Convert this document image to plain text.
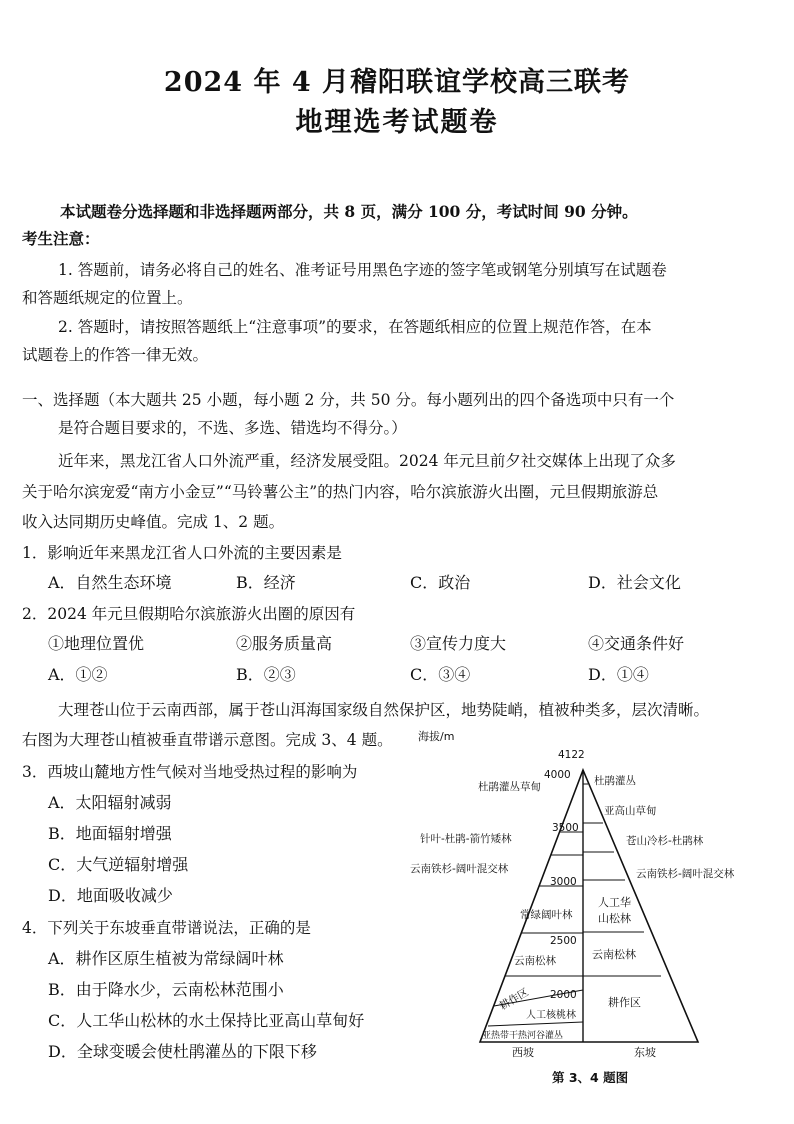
2024 年 4 月稽阳联谊学校高三联考
地理选考试题卷
本试题卷分选择题和非选择题两部分，共 8 页，满分 100 分，考试时间 90 分钟。
考生注意：
1. 答题前，请务必将自己的姓名、准考证号用黑色字迹的签字笔或钢笔分别填写在试题卷
和答题纸规定的位置上。
2. 答题时，请按照答题纸上“注意事项”的要求，在答题纸相应的位置上规范作答，在本
试题卷上的作答一律无效。
一、选择题（本大题共 25 小题，每小题 2 分，共 50 分。每小题列出的四个备选项中只有一个
是符合题目要求的，不选、多选、错选均不得分。）
近年来，黑龙江省人口外流严重，经济发展受阻。2024 年元旦前夕社交媒体上出现了众多
关于哈尔滨宠爱“南方小金豆”“马铃薯公主”的热门内容，哈尔滨旅游火出圈，元旦假期旅游总
收入达同期历史峰值。完成 1、2 题。
1．影响近年来黑龙江省人口外流的主要因素是
A．自然生态环境	B．经济	C．政治	D．社会文化
2．2024 年元旦假期哈尔滨旅游火出圈的原因有
①地理位置优	②服务质量高	③宣传力度大	④交通条件好
A．①②	B．②③	C．③④	D．①④
大理苍山位于云南西部，属于苍山洱海国家级自然保护区，地势陡峭，植被种类多，层次清晰。
右图为大理苍山植被垂直带谱示意图。完成 3、4 题。
3．西坡山麓地方性气候对当地受热过程的影响为
A．太阳辐射减弱
B．地面辐射增强
C．大气逆辐射增强
D．地面吸收减少
4．下列关于东坡垂直带谱说法，正确的是
A．耕作区原生植被为常绿阔叶林
B．由于降水少，云南松林范围小
C．人工华山松林的水土保持比亚高山草甸好
D．全球变暖会使杜鹃灌丛的下限下移
海拔/m
4122
4000
3500
3000
2500
2000
杜鹃灌丛草甸
针叶-杜鹃-箭竹矮林
云南铁杉-阔叶混交林
常绿阔叶林
云南松林
耕作区
人工核桃林
亚热带干热河谷灌丛
杜鹃灌丛
亚高山草甸
苍山冷杉-杜鹃林
云南铁杉-阔叶混交林
人工华
山松林
云南松林
耕作区
西坡	东坡
第 3、4 题图
